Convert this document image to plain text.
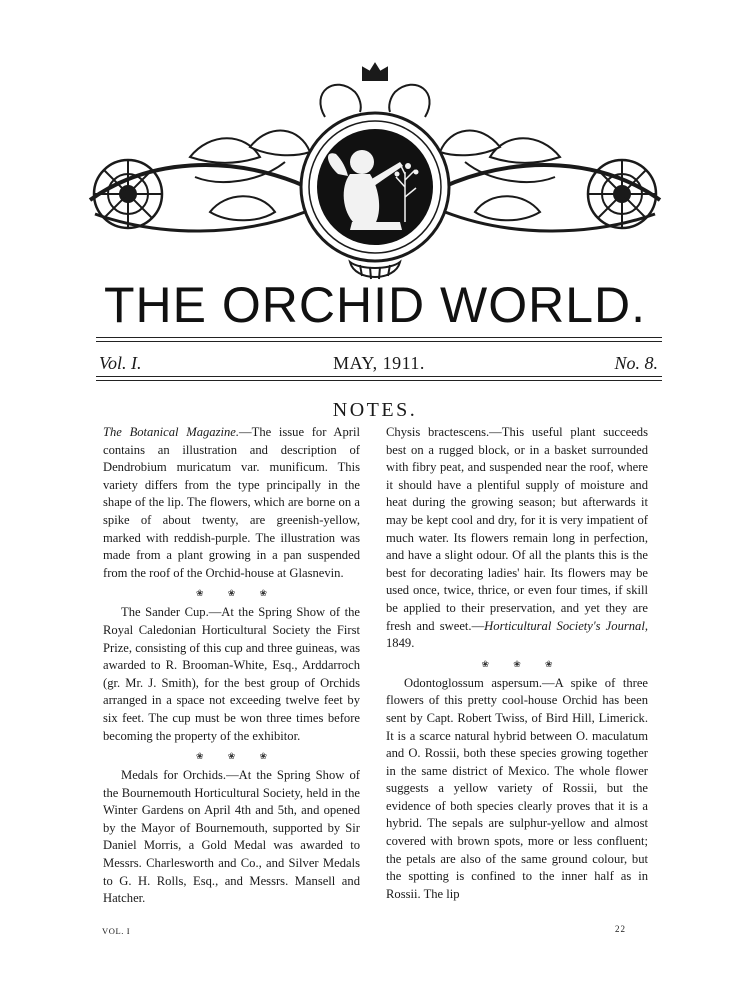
THE ORCHID WORLD.
MAY, 1911.
Vol. I.	No. 8.
NOTES.

The Botanical Magazine.—The issue for April contains an illustration and description of Dendrobium muricatum var. munificum. This variety differs from the type principally in the shape of the lip. The flowers, which are borne on a spike of about twenty, are greenish-yellow, marked with reddish-purple. The illustration was made from a plant growing in a pan suspended from the roof of the Orchid-house at Glasnevin.

❀ ❀ ❀

The Sander Cup.—At the Spring Show of the Royal Caledonian Horticultural Society the First Prize, consisting of this cup and three guineas, was awarded to R. Brooman-White, Esq., Arddarroch (gr. Mr. J. Smith), for the best group of Orchids arranged in a space not exceeding twelve feet by six feet. The cup must be won three times before becoming the property of the exhibitor.

❀ ❀ ❀

Medals for Orchids.—At the Spring Show of the Bournemouth Horticultural Society, held in the Winter Gardens on April 4th and 5th, and opened by the Mayor of Bournemouth, supported by Sir Daniel Morris, a Gold Medal was awarded to Messrs. Charlesworth and Co., and Silver Medals to G. H. Rolls, Esq., and Messrs. Mansell and Hatcher.

Chysis bractescens.—This useful plant succeeds best on a rugged block, or in a basket surrounded with fibry peat, and suspended near the roof, where it should have a plentiful supply of moisture and heat during the growing season; but afterwards it may be kept cool and dry, for it is very impatient of much water. Its flowers remain long in perfection, and have a slight odour. Of all the plants this is the best for decorating ladies' hair. Its flowers may be used once, twice, thrice, or even four times, if skill be applied to their preservation, and yet they are fresh and sweet.—Horticultural Society's Journal, 1849.

❀ ❀ ❀

Odontoglossum aspersum.—A spike of three flowers of this pretty cool-house Orchid has been sent by Capt. Robert Twiss, of Bird Hill, Limerick. It is a scarce natural hybrid between O. maculatum and O. Rossii, both these species growing together in the same district of Mexico. The whole flower suggests a yellow variety of Rossii, but the evidence of both species clearly proves that it is a hybrid. The sepals are sulphur-yellow and almost covered with brown spots, more or less confluent; the petals are also of the same ground colour, but the spotting is confined to the inner half as in Rossii. The lip

VOL. I	22
